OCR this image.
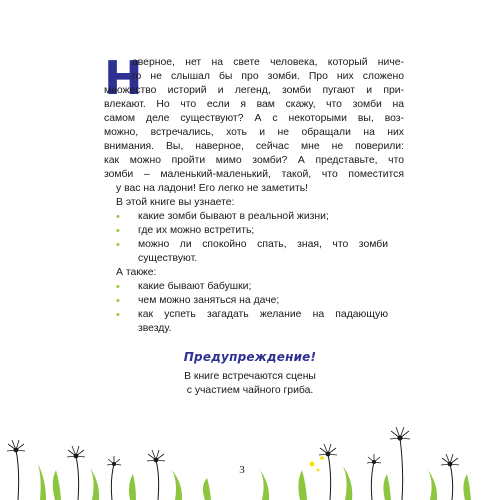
Н
аверное, нет на свете человека, который ниче-
го не слышал бы про зомби. Про них сложено
множество историй и легенд, зомби пугают и при-
влекают. Но что если я вам скажу, что зомби на
самом деле существуют? А с некоторыми вы, воз-
можно, встречались, хоть и не обращали на них
внимания. Вы, наверное, сейчас мне не поверили:
как можно пройти мимо зомби? А представьте, что
зомби – маленький-маленький, такой, что поместится
у вас на ладони! Его легко не заметить!
В этой книге вы узнаете:
• какие зомби бывают в реальной жизни;
• где их можно встретить;
• можно ли спокойно спать, зная, что зомби
существуют.
А также:
• какие бывают бабушки;
• чем можно заняться на даче;
• как успеть загадать желание на падающую
звезду.
Предупреждение!
В книге встречаются сцены
с участием чайного гриба.
3
